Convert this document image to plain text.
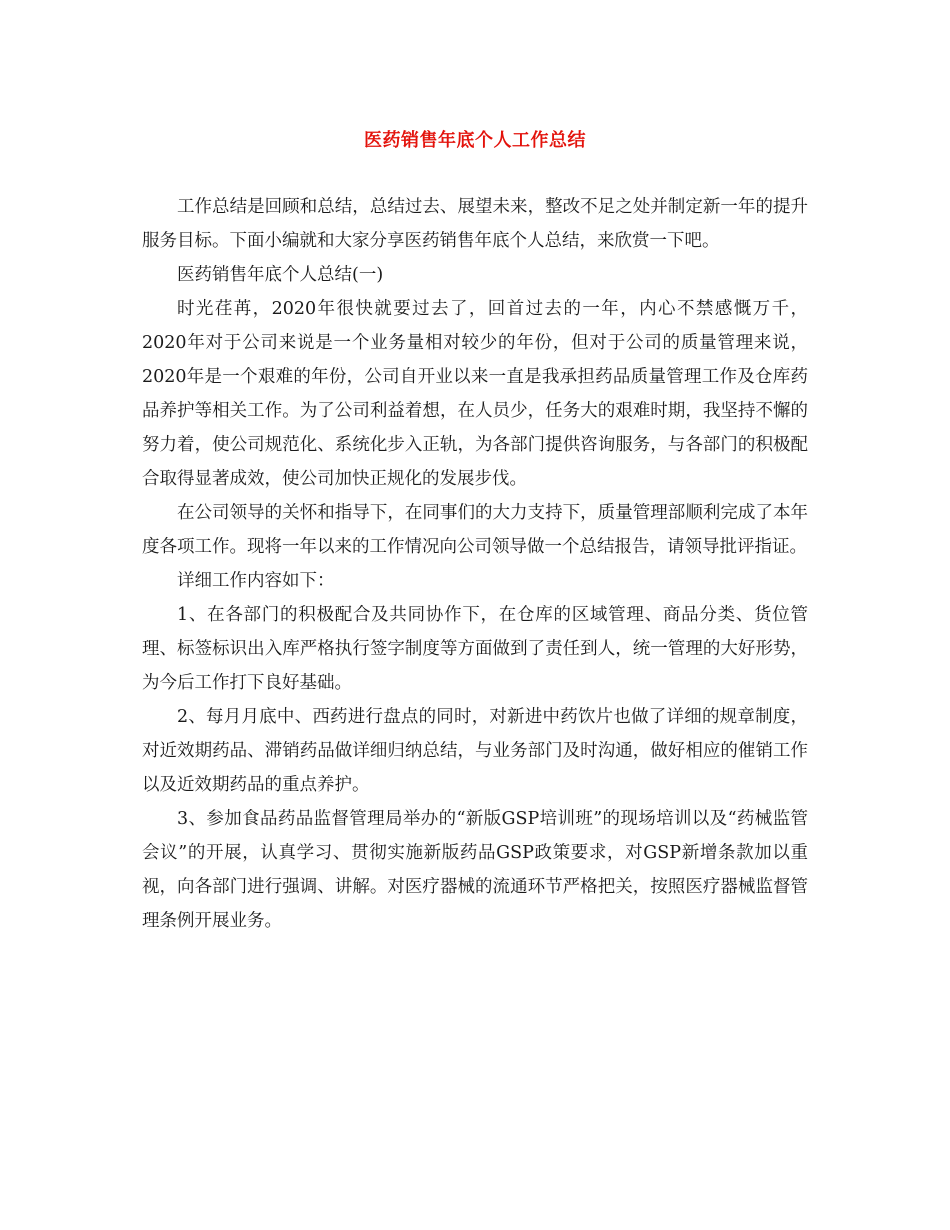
医药销售年底个人工作总结

工作总结是回顾和总结，总结过去、展望未来，整改不足之处并制定新一年的提升服务目标。下面小编就和大家分享医药销售年底个人总结，来欣赏一下吧。

医药销售年底个人总结(一)

时光荏苒，2020年很快就要过去了，回首过去的一年，内心不禁感慨万千，2020年对于公司来说是一个业务量相对较少的年份，但对于公司的质量管理来说，2020年是一个艰难的年份，公司自开业以来一直是我承担药品质量管理工作及仓库药品养护等相关工作。为了公司利益着想，在人员少，任务大的艰难时期，我坚持不懈的努力着，使公司规范化、系统化步入正轨，为各部门提供咨询服务，与各部门的积极配合取得显著成效，使公司加快正规化的发展步伐。

在公司领导的关怀和指导下，在同事们的大力支持下，质量管理部顺利完成了本年度各项工作。现将一年以来的工作情况向公司领导做一个总结报告，请领导批评指证。

详细工作内容如下：

1、在各部门的积极配合及共同协作下，在仓库的区域管理、商品分类、货位管理、标签标识出入库严格执行签字制度等方面做到了责任到人，统一管理的大好形势，为今后工作打下良好基础。

2、每月月底中、西药进行盘点的同时，对新进中药饮片也做了详细的规章制度，对近效期药品、滞销药品做详细归纳总结，与业务部门及时沟通，做好相应的催销工作以及近效期药品的重点养护。

3、参加食品药品监督管理局举办的“新版GSP培训班”的现场培训以及“药械监管会议”的开展，认真学习、贯彻实施新版药品GSP政策要求，对GSP新增条款加以重视，向各部门进行强调、讲解。对医疗器械的流通环节严格把关，按照医疗器械监督管理条例开展业务。
